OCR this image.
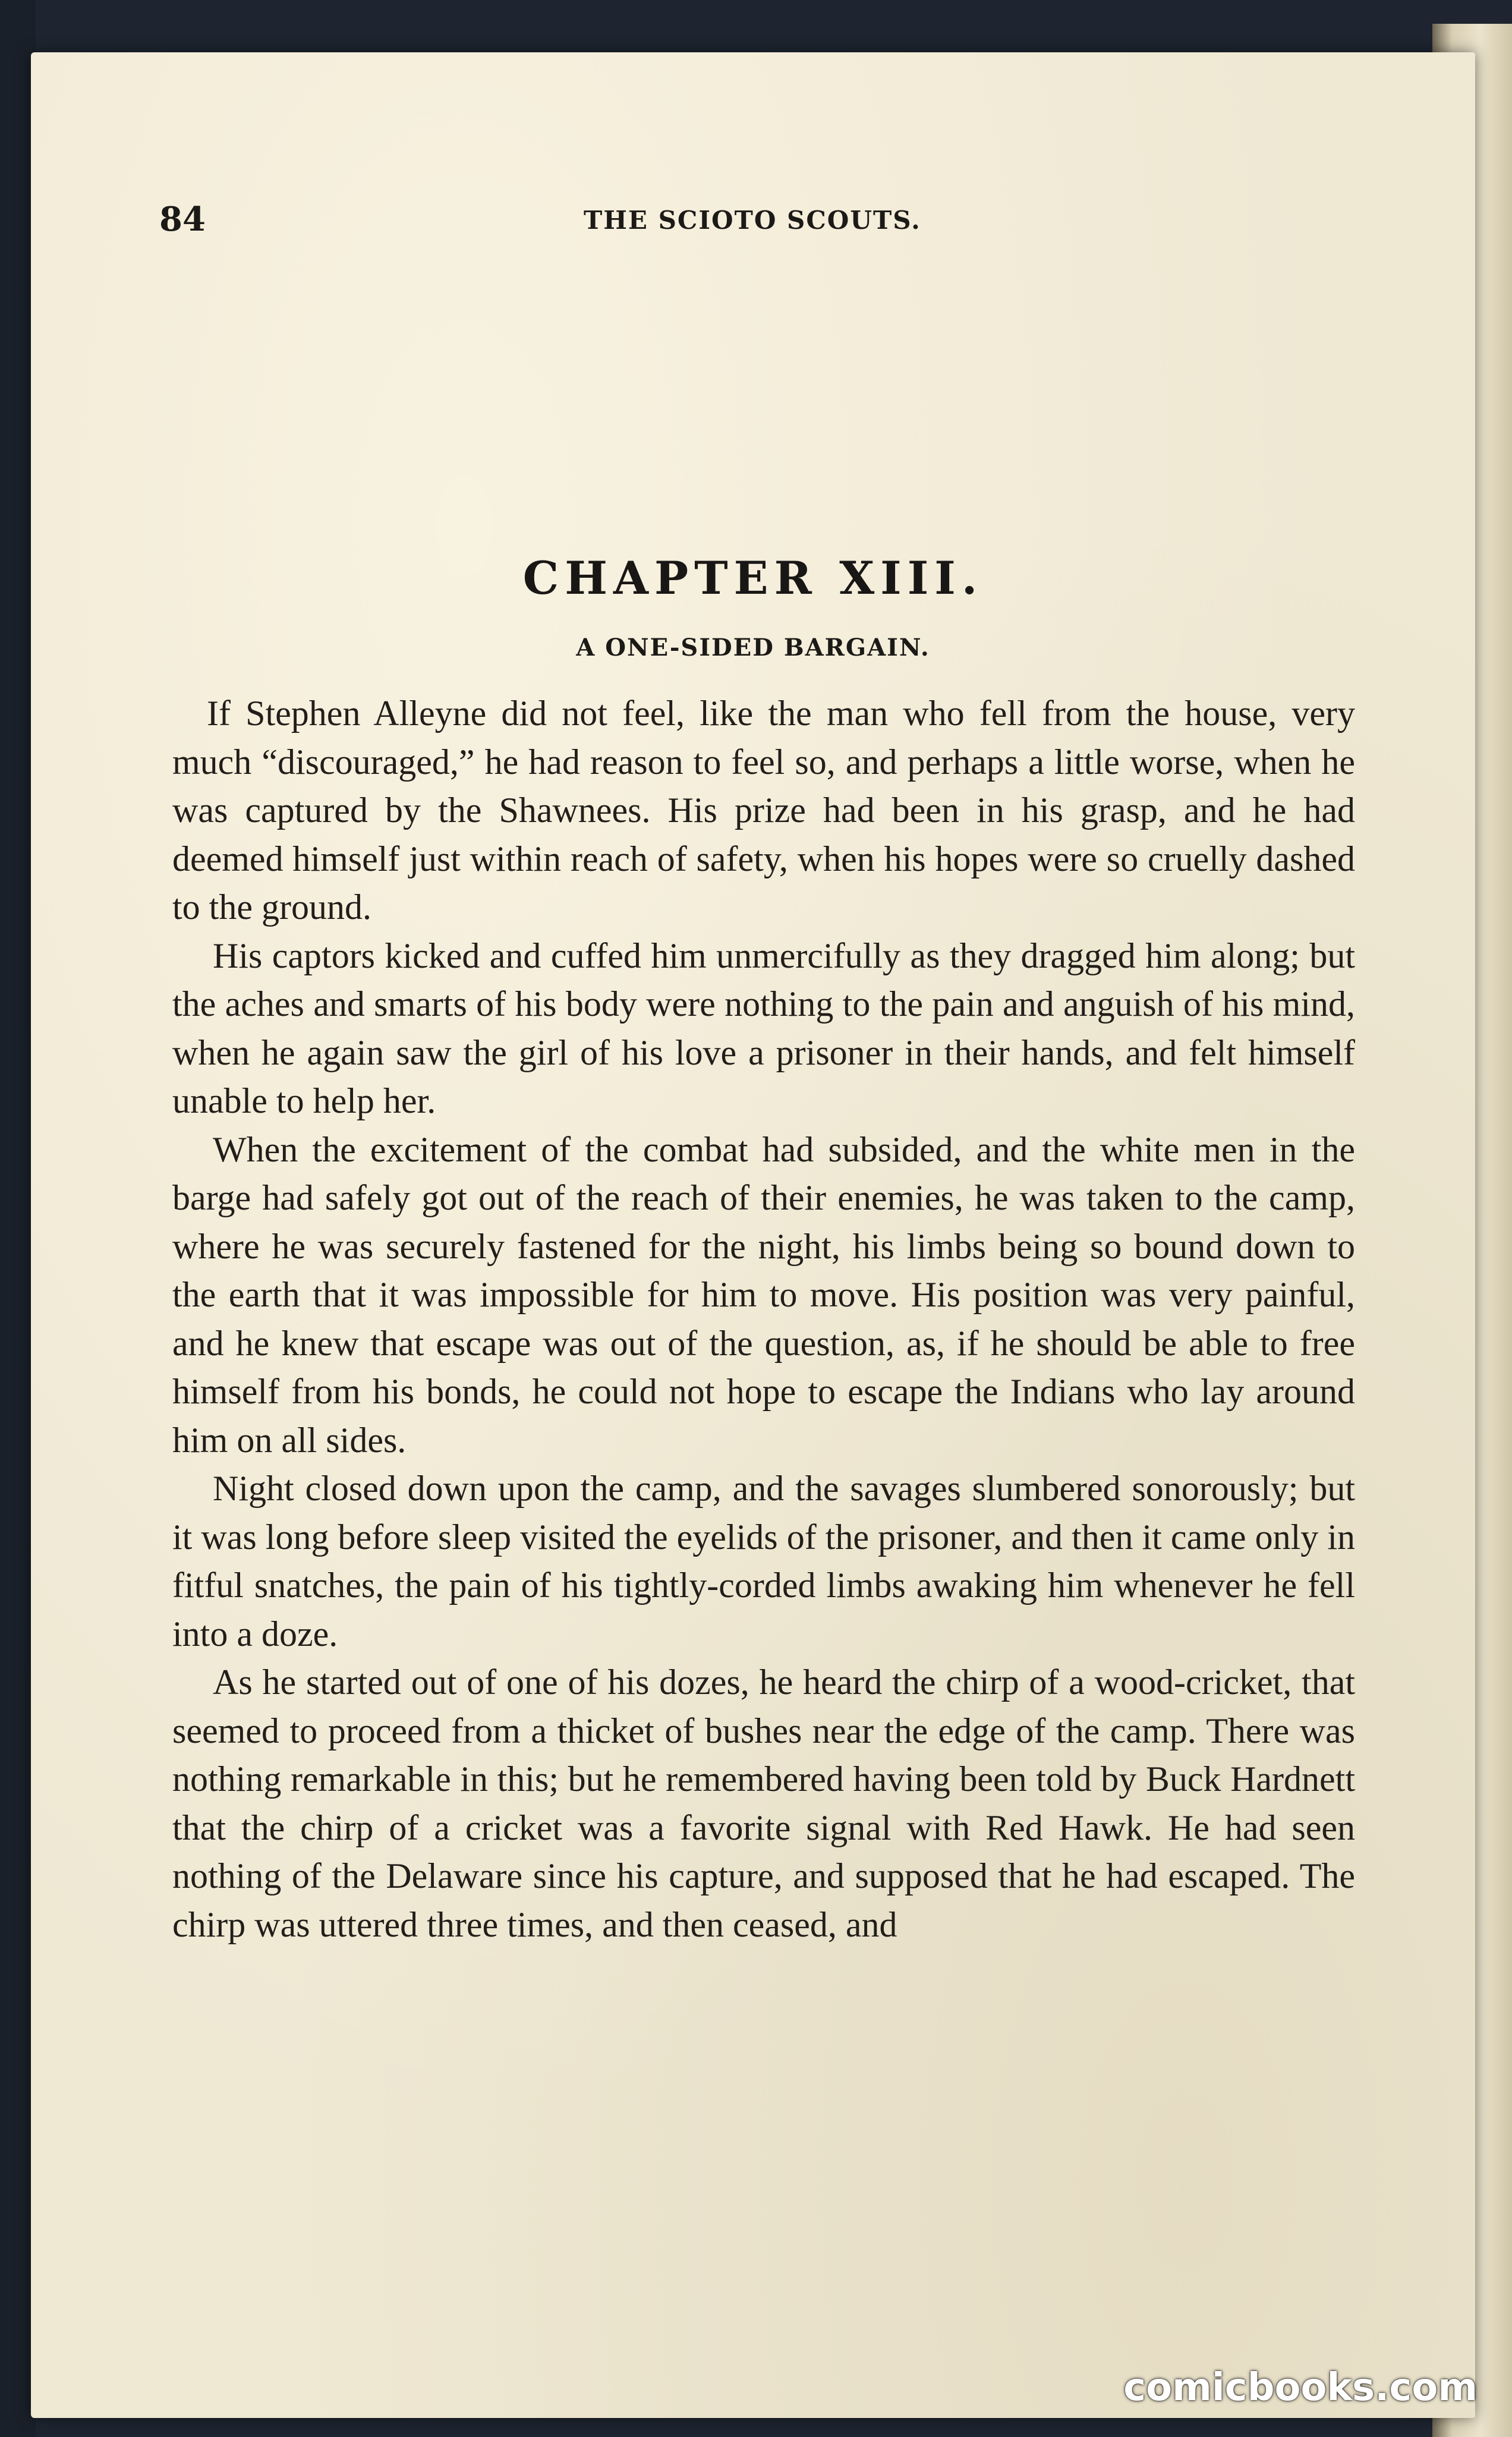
84	THE SCIOTO SCOUTS.
CHAPTER XIII.
A ONE-SIDED BARGAIN.

If Stephen Alleyne did not feel, like the man who fell from the house, very much “discouraged,” he had reason to feel so, and perhaps a little worse, when he was captured by the Shawnees. His prize had been in his grasp, and he had deemed himself just within reach of safety, when his hopes were so cruelly dashed to the ground.

His captors kicked and cuffed him unmercifully as they dragged him along; but the aches and smarts of his body were nothing to the pain and anguish of his mind, when he again saw the girl of his love a prisoner in their hands, and felt himself unable to help her.

When the excitement of the combat had subsided, and the white men in the barge had safely got out of the reach of their enemies, he was taken to the camp, where he was securely fastened for the night, his limbs being so bound down to the earth that it was impossible for him to move. His position was very painful, and he knew that escape was out of the question, as, if he should be able to free himself from his bonds, he could not hope to escape the Indians who lay around him on all sides.

Night closed down upon the camp, and the savages slumbered sonorously; but it was long before sleep visited the eyelids of the prisoner, and then it came only in fitful snatches, the pain of his tightly-corded limbs awaking him whenever he fell into a doze.

As he started out of one of his dozes, he heard the chirp of a wood-cricket, that seemed to proceed from a thicket of bushes near the edge of the camp. There was nothing remarkable in this; but he remembered having been told by Buck Hardnett that the chirp of a cricket was a favorite signal with Red Hawk. He had seen nothing of the Delaware since his capture, and supposed that he had escaped. The chirp was uttered three times, and then ceased, and

comicbooks.com
